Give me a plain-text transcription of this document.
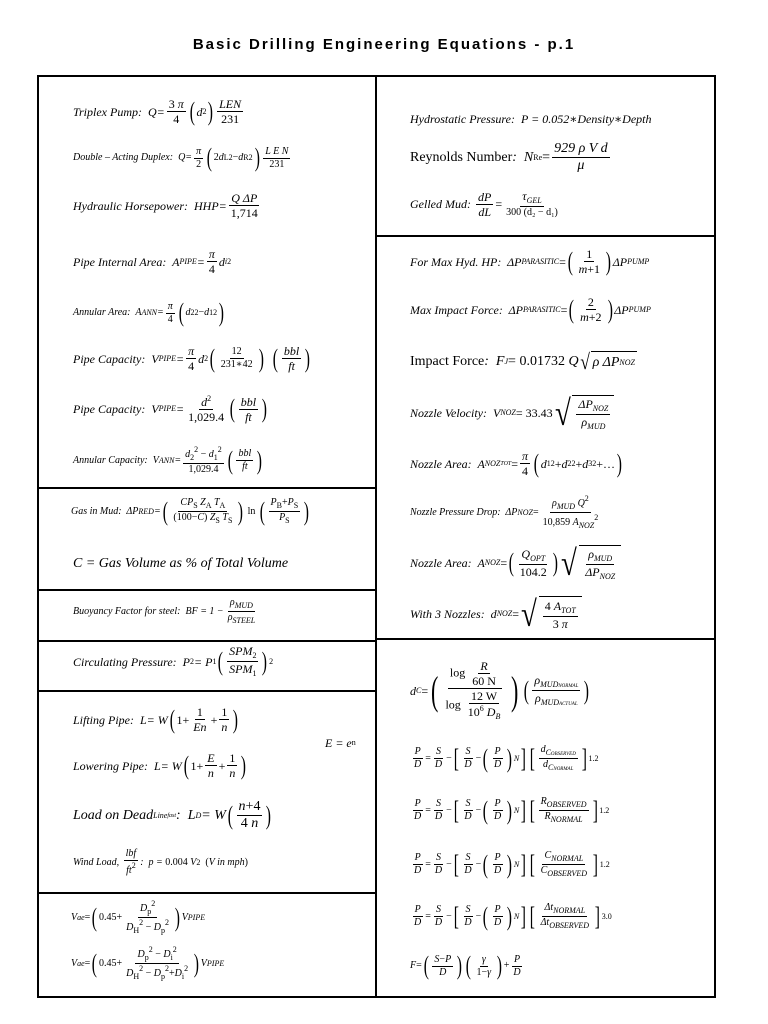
Basic Drilling Engineering Equations - p.1
Triplex Pump :  $Q= \frac{3 \pi}{4}$ ( d 2 ) $\frac{\text{LEN}}{231}$
Double – Acting Duplex :  $Q= \frac{\pi}{2}$ ( 2 d L 2 − d R 2 ) $\frac{\text{L E N}}{231}$
Hydraulic Horsepower :  $HHP= \frac{\text{Q ΔP}}{1,714}$
Pipe Internal Area :  A PIPE = $\frac{\pi}{4}$ d i 2
Annular Area :  A ANN = $\frac{\pi}{4}$ ( d 2 2 − d 1 2 )
Pipe Capacity :  V PIPE = $\frac{\pi}{4}$ d 2 ( $\frac{12}{231∗42}$ ) ( $\frac{\text{bbl}}{ft}$ )
Pipe Capacity :  V PIPE = $\frac{d^2}{1,029.4}$ ( $\frac{\text{bbl}}{ft}$ )
Annular Capacity :  V ANN = $\frac{d_2^2 - d_1^2}{1,029.4}$ ( $\frac{\text{bbl}}{ft}$ )
Gas in Mud :  ΔP RED = ( $\frac{CP_S Z_A T_A}{(100-C) Z_S T_S}$ ) ln ( $\frac{P_B+P_S}{P_S}$ )
C = Gas Volume as % of Total Volume
Buoyancy Factor for steel :  BF = $1 - \frac{\rho_{MUD}}{\rho_{STEEL}}$
Circulating Pressure :  P 2 = P 1 ( $\frac{SPM_2}{SPM_1}$ ) 2
Lifting Pipe :  L= W ( $1+ \frac{1}{En} + \frac{1}{n}$ )
E = e n
Lowering Pipe :  L= W ( $1+ \frac{E}{n} + \frac{1}{n}$ )
Load on Dead Line fast :  L D = W ( $\frac{n+4}{4 n}$ )
Wind Load,
$\frac{\text{lbf}}{ft^2}$ :  p =
0.004
V 2 ( V in mph )
V ae = ( $0.45+ \frac{D_p^2}{D_H^2 - D_p^2}$ ) V PIPE
V ae = ( $0.45+ \frac{D_p^2 - D_i^2}{D_H^2 - D_p^2+D_i^2}$ ) V PIPE
Hydrostatic Pressure : P = 0.052∗Density∗Depth
Reynolds Number :  N $Re = \frac{\text{929 ρ V d}}{\mu}$
Gelled Mud : $\frac{dP}{dL} = \frac{\tau_{GEL}}{\text{300 (d₂ − d₁)}}$
For Max Hyd. HP :  ΔP PARASITIC = ( $\frac{1}{m+1}$ ) ΔP PUMP
Max Impact Force :  ΔP PARASITIC = ( $\frac{2}{m+2}$ ) ΔP PUMP
Impact Force :  F J = 0.01732
Q √ ρ ΔP NOZ
Nozzle Velocity :  V NOZ = 33.43 √ $\frac{\Delta P_{NOZ}}{\rho_{MUD}}$
Nozzle Area :  A NOZ TOT = $\frac{\pi}{4}$ ( d 1 2 + d 2 2 + d 3 2 +… )
Nozzle Pressure Drop :  ΔP NOZ = $\frac{\rho_{MUD} Q^2}{10,859 A_{NOZ}^2}$
Nozzle Area :  A NOZ = ( $\frac{Q_{OPT}}{104.2}$ ) √ $\frac{\rho_{MUD}}{\Delta P_{NOZ}}$
With 3 Nozzles :  d NOZ = √ $\frac{4 A_{TOT}}{3 \pi}$
d C = ( $\frac{\log \frac{R}{60 N}}{\log \frac{12 W}{10^6 D_B}}$ ) ( $\frac{\rho_{MUDNORMAL}}{\rho_{MUDACTUAL}}$ )
$\frac{P}{D} = \frac{S}{D}$ − [ $\frac{S}{D}$ − ( $\frac{P}{D}$ ) N ] [ $\frac{d_{COBSERVED}}{d_{CNORMAL}}$ ] 1.2
$\frac{P}{D} = \frac{S}{D}$ − [ $\frac{S}{D}$ − ( $\frac{P}{D}$ ) N ] [ $\frac{R_{OBSERVED}}{R_{NORMAL}}$ ] 1.2
$\frac{P}{D} = \frac{S}{D}$ − [ $\frac{S}{D}$ − ( $\frac{P}{D}$ ) N ] [ $\frac{C_{NORMAL}}{C_{OBSERVED}}$ ] 1.2
$\frac{P}{D} = \frac{S}{D}$ − [ $\frac{S}{D}$ − ( $\frac{P}{D}$ ) N ] [ $\frac{\Delta t_{NORMAL}}{\Delta t_{OBSERVED}}$ ] 3.0
F = ( $\frac{S-P}{D}$ ) ( $\frac{\gamma}{1-\gamma}$ ) + $\frac{P}{D}$
